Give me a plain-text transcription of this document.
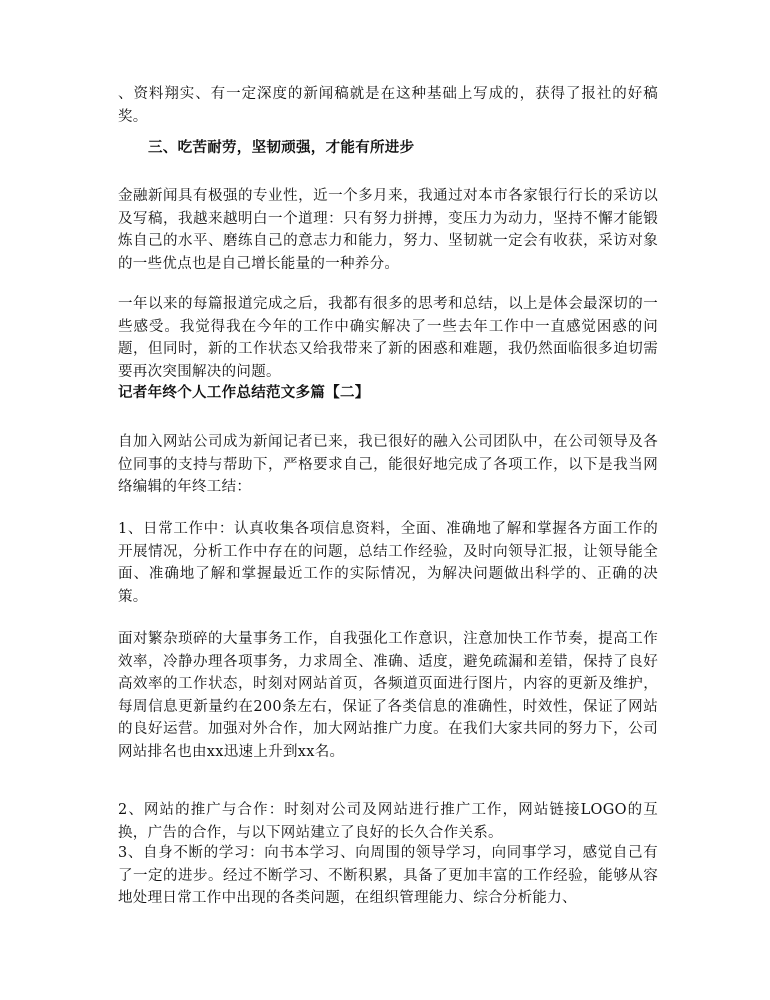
、资料翔实、有一定深度的新闻稿就是在这种基础上写成的，获得了报社的好稿奖。

三、吃苦耐劳，坚韧顽强，才能有所进步

金融新闻具有极强的专业性，近一个多月来，我通过对本市各家银行行长的采访以及写稿，我越来越明白一个道理：只有努力拼搏，变压力为动力，坚持不懈才能锻炼自己的水平、磨练自己的意志力和能力，努力、坚韧就一定会有收获，采访对象的一些优点也是自己增长能量的一种养分。

一年以来的每篇报道完成之后，我都有很多的思考和总结，以上是体会最深切的一些感受。我觉得我在今年的工作中确实解决了一些去年工作中一直感觉困惑的问题，但同时，新的工作状态又给我带来了新的困惑和难题，我仍然面临很多迫切需要再次突围解决的问题。

记者年终个人工作总结范文多篇【二】

自加入网站公司成为新闻记者已来，我已很好的融入公司团队中，在公司领导及各位同事的支持与帮助下，严格要求自己，能很好地完成了各项工作，以下是我当网络编辑的年终工结：

1、日常工作中：认真收集各项信息资料，全面、准确地了解和掌握各方面工作的开展情况，分析工作中存在的问题，总结工作经验，及时向领导汇报，让领导能全面、准确地了解和掌握最近工作的实际情况，为解决问题做出科学的、正确的决策。

面对繁杂琐碎的大量事务工作，自我强化工作意识，注意加快工作节奏，提高工作效率，冷静办理各项事务，力求周全、准确、适度，避免疏漏和差错，保持了良好高效率的工作状态，时刻对网站首页，各频道页面进行图片，内容的更新及维护，每周信息更新量约在200条左右，保证了各类信息的准确性，时效性，保证了网站的良好运营。加强对外合作，加大网站推广力度。在我们大家共同的努力下，公司网站排名也由xx迅速上升到xx名。

2、网站的推广与合作：时刻对公司及网站进行推广工作，网站链接LOGO的互换，广告的合作，与以下网站建立了良好的长久合作关系。

3、自身不断的学习：向书本学习、向周围的领导学习，向同事学习，感觉自己有了一定的进步。经过不断学习、不断积累，具备了更加丰富的工作经验，能够从容地处理日常工作中出现的各类问题，在组织管理能力、综合分析能力、
